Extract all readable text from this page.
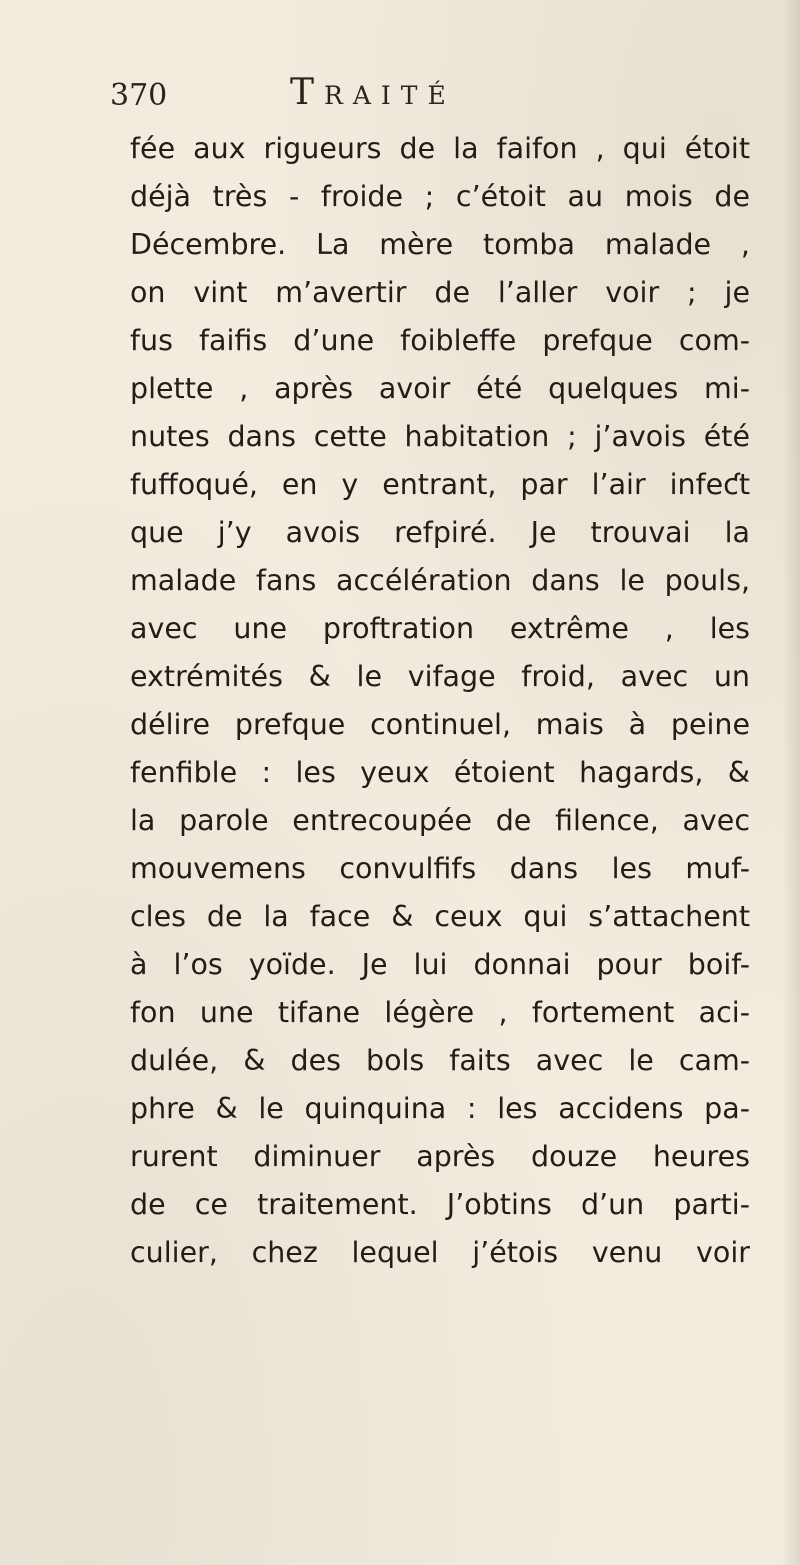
370	Traité
fée aux rigueurs de la faifon , qui étoit
déjà très - froide ; c’étoit au mois de
Décembre. La mère tomba malade ,
on vint m’avertir de l’aller voir ; je
fus faifis d’une foibleffe prefque com-
plette , après avoir été quelques mi-
nutes dans cette habitation ; j’avois été
fuffoqué, en y entrant, par l’air infeƈt
que j’y avois refpiré. Je trouvai la
malade fans accélération dans le pouls,
avec une proftration extrême , les
extrémités & le vifage froid, avec un
délire prefque continuel, mais à peine
fenfible : les yeux étoient hagards, &
la parole entrecoupée de filence, avec
mouvemens convulfifs dans les muf-
cles de la face & ceux qui s’attachent
à l’os yoïde. Je lui donnai pour boif-
fon une tifane légère , fortement aci-
dulée, & des bols faits avec le cam-
phre & le quinquina : les accidens pa-
rurent diminuer après douze heures
de ce traitement. J’obtins d’un parti-
culier, chez lequel j’étois venu voir
